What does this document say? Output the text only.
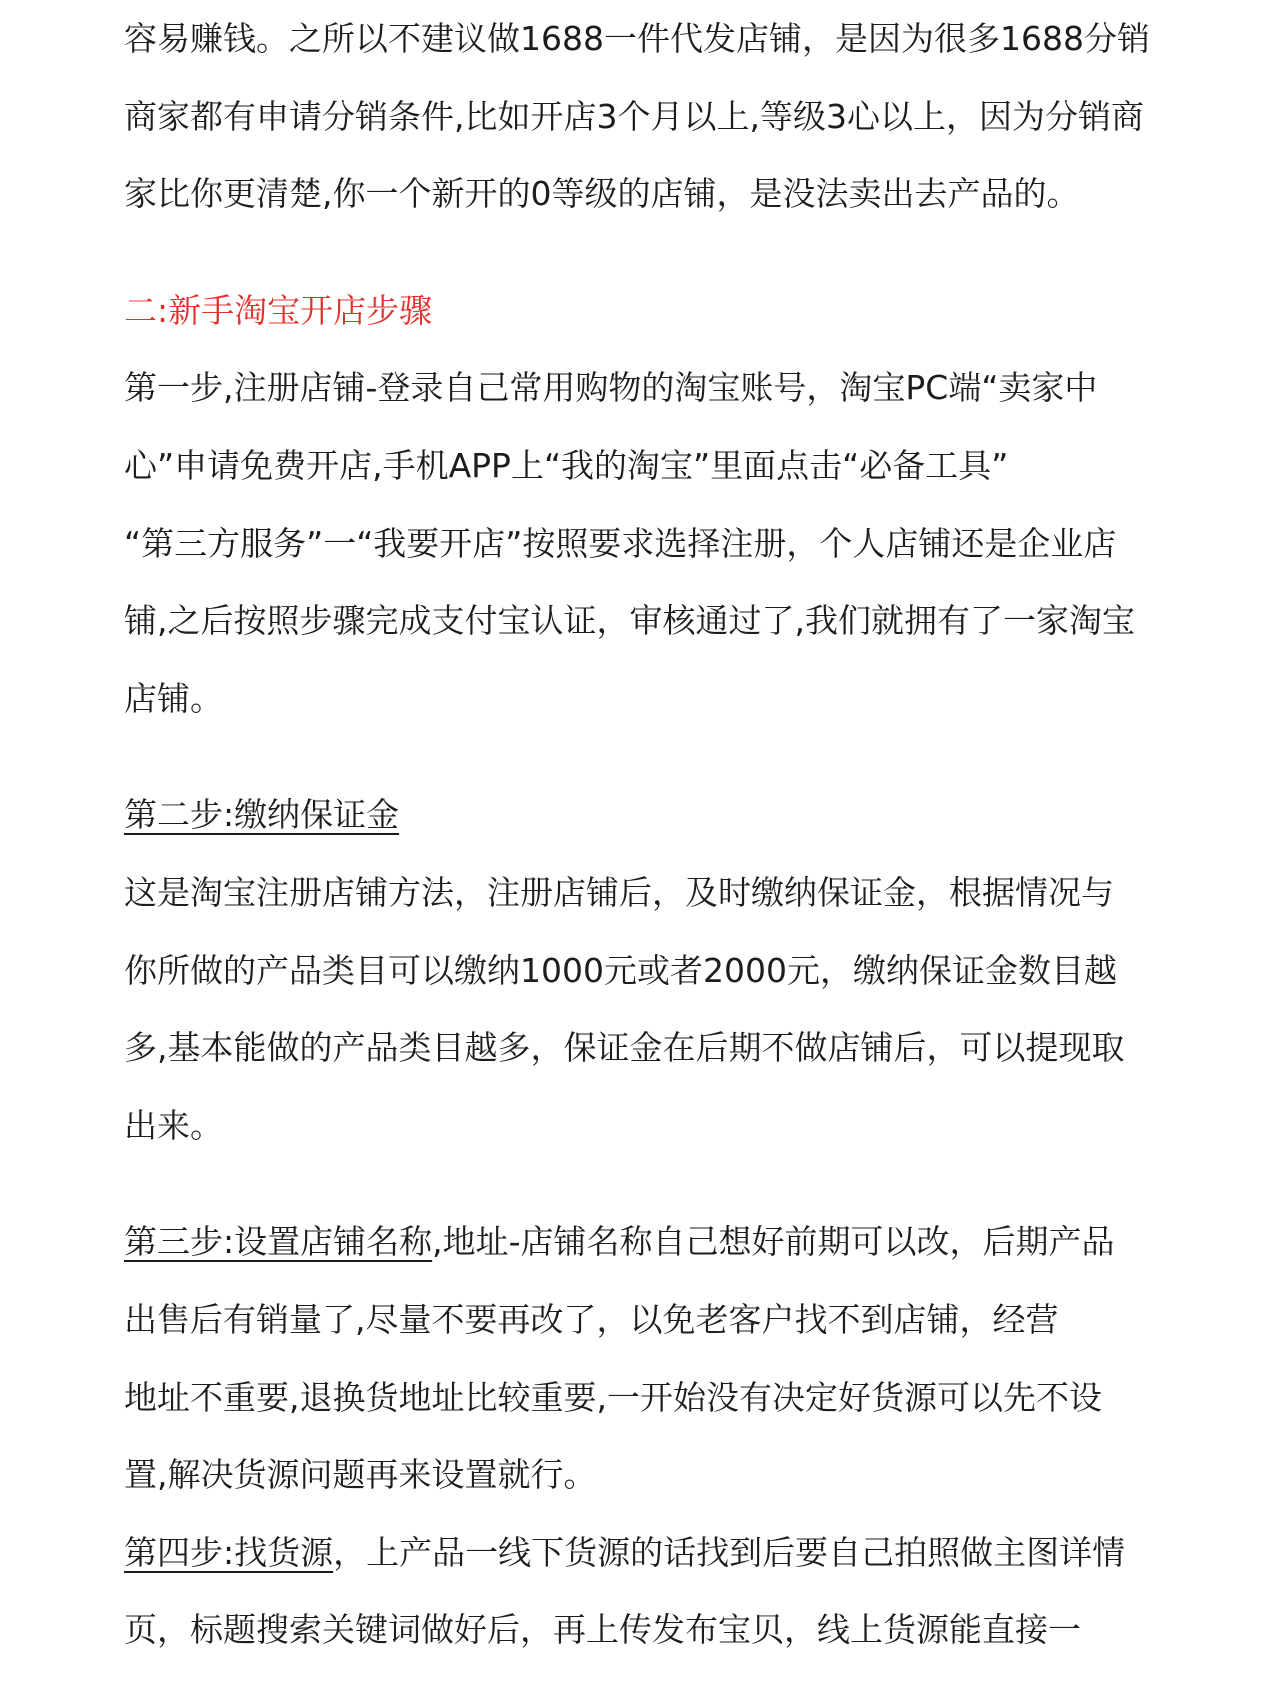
容易赚钱。之所以不建议做1688一件代发店铺，是因为很多1688分销
商家都有申请分销条件,比如开店3个月以上,等级3心以上，因为分销商
家比你更清楚,你一个新开的0等级的店铺，是没法卖出去产品的。
二:新手淘宝开店步骤
第一步,注册店铺-登录自己常用购物的淘宝账号，淘宝PC端“卖家中
心”申请免费开店,手机APP上“我的淘宝”里面点击“必备工具”
“第三方服务”一“我要开店”按照要求选择注册，个人店铺还是企业店
铺,之后按照步骤完成支付宝认证，审核通过了,我们就拥有了一家淘宝
店铺。
第二步:缴纳保证金
这是淘宝注册店铺方法，注册店铺后，及时缴纳保证金，根据情况与
你所做的产品类目可以缴纳1000元或者2000元，缴纳保证金数目越
多,基本能做的产品类目越多，保证金在后期不做店铺后，可以提现取
出来。
第三步:设置店铺名称,地址-店铺名称自己想好前期可以改，后期产品
出售后有销量了,尽量不要再改了，以免老客户找不到店铺，经营
地址不重要,退换货地址比较重要,一开始没有决定好货源可以先不设
置,解决货源问题再来设置就行。
第四步:找货源，上产品一线下货源的话找到后要自己拍照做主图详情
页，标题搜索关键词做好后，再上传发布宝贝，线上货源能直接一
